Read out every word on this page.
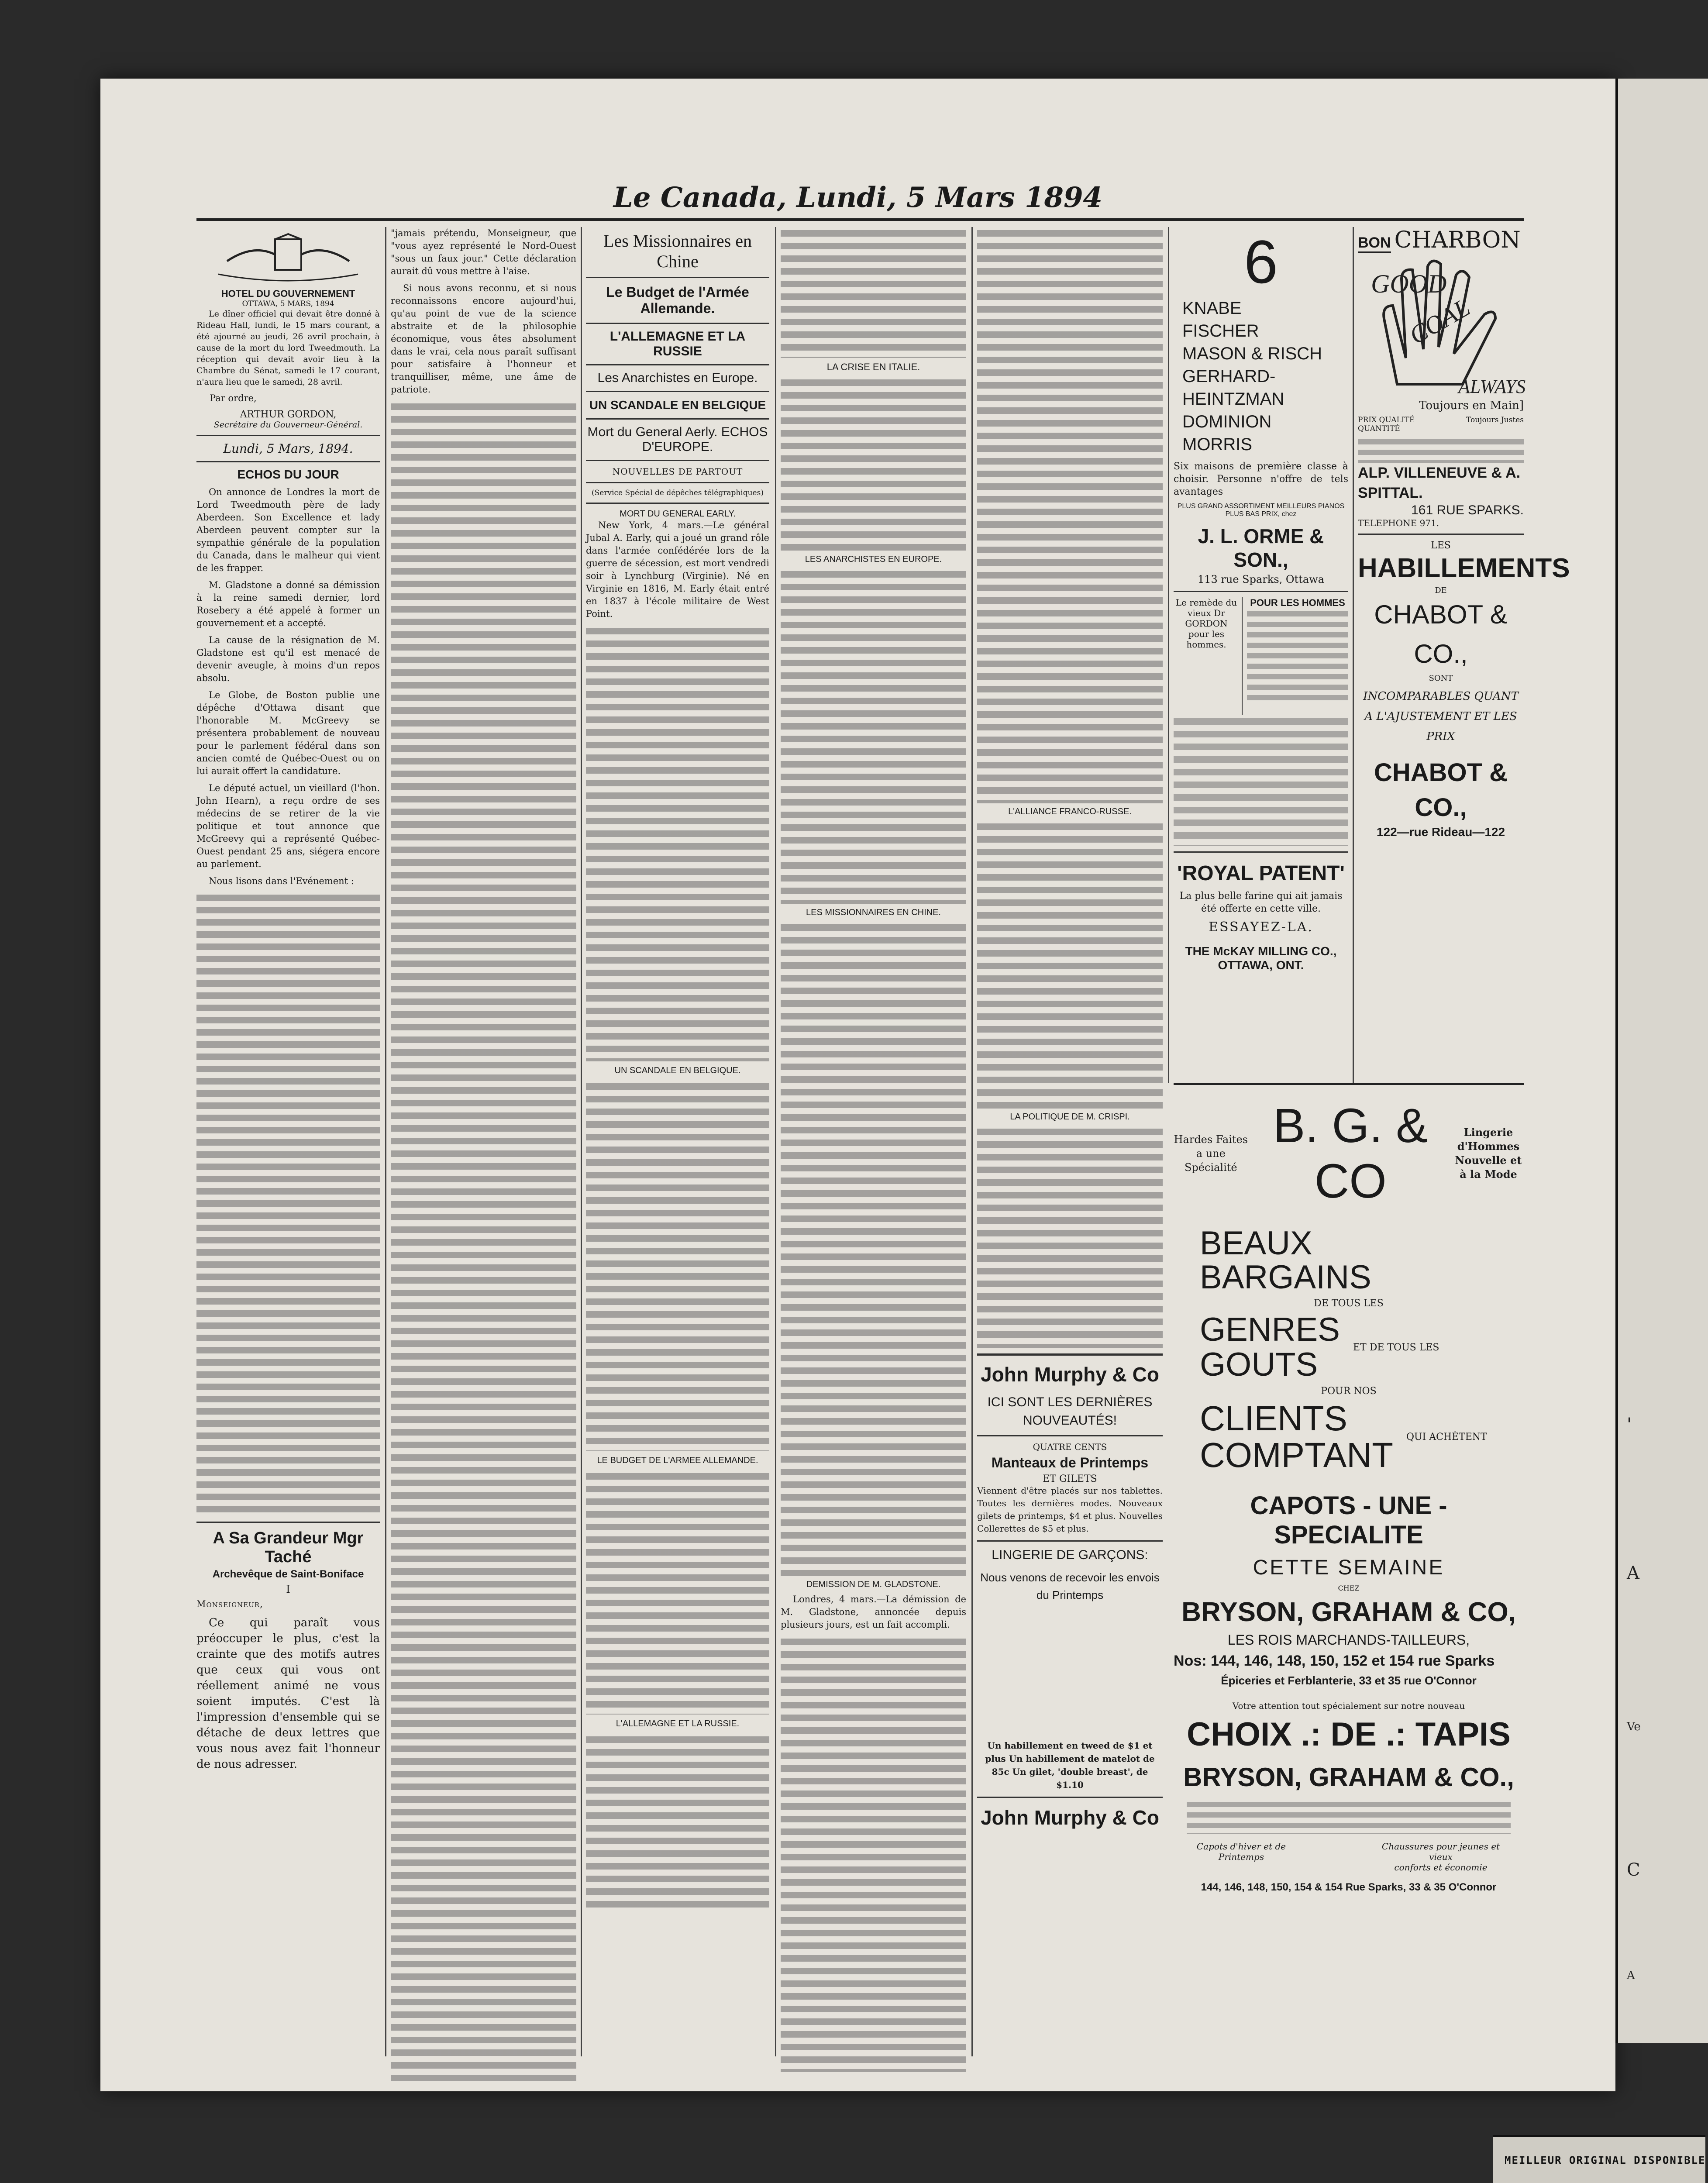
Le Canada, Lundi, 5 Mars 1894
HOTEL DU GOUVERNEMENT
OTTAWA, 5 MARS, 1894

Le dîner officiel qui devait être donné à Rideau Hall, lundi, le 15 mars courant, a été ajourné au jeudi, 26 avril prochain, à cause de la mort du lord Tweedmouth. La réception qui devait avoir lieu à la Chambre du Sénat, samedi le 17 courant, n'aura lieu que le samedi, 28 avril.

Par ordre,
ARTHUR GORDON,
Secrétaire du Gouverneur-Général.
Lundi, 5 Mars, 1894.
ECHOS DU JOUR

On annonce de Londres la mort de Lord Tweedmouth père de lady Aberdeen. Son Excellence et lady Aberdeen peuvent compter sur la sympathie générale de la population du Canada, dans le malheur qui vient de les frapper.

M. Gladstone a donné sa démission à la reine samedi dernier, lord Rosebery a été appelé à former un gouvernement et a accepté.

La cause de la résignation de M. Gladstone est qu'il est menacé de devenir aveugle, à moins d'un repos absolu.

Le Globe, de Boston publie une dépêche d'Ottawa disant que l'honorable M. McGreevy se présentera probablement de nouveau pour le parlement fédéral dans son ancien comté de Québec-Ouest ou on lui aurait offert la candidature.

Le député actuel, un vieillard (l'hon. John Hearn), a reçu ordre de ses médecins de se retirer de la vie politique et tout annonce que McGreevy qui a représenté Québec-Ouest pendant 25 ans, siégera encore au parlement.

Nous lisons dans l'Evénement :

A Sa Grandeur Mgr Taché
Archevêque de Saint-Boniface
I

Monseigneur,

Ce qui paraît vous préoccuper le plus, c'est la crainte que des motifs autres que ceux qui vous ont réellement animé ne vous soient imputés. C'est là l'impression d'ensemble qui se détache de deux lettres que vous nous avez fait l'honneur de nous adresser.

"jamais prétendu, Monseigneur, que "vous ayez représenté le Nord-Ouest "sous un faux jour." Cette déclaration aurait dû vous mettre à l'aise.

Si nous avons reconnu, et si nous reconnaissons encore aujourd'hui, qu'au point de vue de la science abstraite et de la philosophie économique, vous êtes absolument dans le vrai, cela nous paraît suffisant pour satisfaire à l'honneur et tranquilliser, même, une âme de patriote.

Les Missionnaires en Chine
Le Budget de l'Armée Allemande.
L'ALLEMAGNE ET LA RUSSIE
Les Anarchistes en Europe.
UN SCANDALE EN BELGIQUE
Mort du General Aerly. ECHOS D'EUROPE.
NOUVELLES DE PARTOUT
(Service Spécial de dépêches télégraphiques)
MORT DU GENERAL EARLY.

New York, 4 mars.—Le général Jubal A. Early, qui a joué un grand rôle dans l'armée confédérée lors de la guerre de sécession, est mort vendredi soir à Lynchburg (Virginie). Né en Virginie en 1816, M. Early était entré en 1837 à l'école militaire de West Point.

UN SCANDALE EN BELGIQUE.
LE BUDGET DE L'ARMEE ALLEMANDE.
L'ALLEMAGNE ET LA RUSSIE.
LA CRISE EN ITALIE.
LES ANARCHISTES EN EUROPE.
LES MISSIONNAIRES EN CHINE.
DEMISSION DE M. GLADSTONE.

Londres, 4 mars.—La démission de M. Gladstone, annoncée depuis plusieurs jours, est un fait accompli.

L'ALLIANCE FRANCO-RUSSE.
LA POLITIQUE DE M. CRISPI.
John Murphy & Co
ICI SONT LES DERNIÈRES NOUVEAUTÉS!
QUATRE CENTS
Manteaux de Printemps
ET GILETS

Viennent d'être placés sur nos tablettes. Toutes les dernières modes. Nouveaux gilets de printemps, $4 et plus. Nouvelles Collerettes de $5 et plus.

LINGERIE DE GARÇONS:
Nous venons de recevoir les envois du Printemps
Un habillement en tweed de $1 et plus Un habillement de matelot de 85c Un gilet, 'double breast', de $1.10
John Murphy & Co
6
KNABE
FISCHER
MASON & RISCH
GERHARD-HEINTZMAN
DOMINION
MORRIS

Six maisons de première classe à choisir. Personne n'offre de tels avantages

PLUS GRAND ASSORTIMENT MEILLEURS PIANOS PLUS BAS PRIX, chez
J. L. ORME & SON.,
113 rue Sparks, Ottawa
Le remède du vieux Dr GORDON pour les hommes.
POUR LES HOMMES
'ROYAL PATENT'

La plus belle farine qui ait jamais été offerte en cette ville.

ESSAYEZ-LA.
THE McKAY MILLING CO.,
OTTAWA, ONT.
BON CHARBON
GOOD
COAL
ALWAYS
Toujours en Main]
PRIX QUALITÉ QUANTITÉ
Toujours Justes
ALP. VILLENEUVE & A. SPITTAL.
161 RUE SPARKS.
TELEPHONE 971.
LES
HABILLEMENTS
DE
CHABOT & CO.,
SONT
INCOMPARABLES QUANT A L'AJUSTEMENT ET LES PRIX
CHABOT & CO.,
122—rue Rideau—122
Hardes Faites a une Spécialité
B. G. & CO
Lingerie d'Hommes Nouvelle et à la Mode
BEAUX
BARGAINS
DE TOUS LES
GENRES
GOUTS	ET DE TOUS LES
POUR NOS
CLIENTS
COMPTANT QUI ACHÈTENT
CAPOTS - UNE - SPECIALITE
CETTE SEMAINE
CHEZ
BRYSON, GRAHAM & CO,
LES ROIS MARCHANDS-TAILLEURS,
Nos: 144, 146, 148, 150, 152 et 154 rue Sparks
Épiceries et Ferblanterie, 33 et 35 rue O'Connor
Votre attention tout spécialement sur notre nouveau
CHOIX .: DE .: TAPIS
BRYSON, GRAHAM & CO.,
Capots d'hiver et de Printemps
Chaussures pour jeunes et vieux
conforts et économie
144, 146, 148, 150, 154 & 154 Rue Sparks, 33 & 35 O'Connor
'
A
Ve
C
A
MEILLEUR ORIGINAL DISPONIBLE
